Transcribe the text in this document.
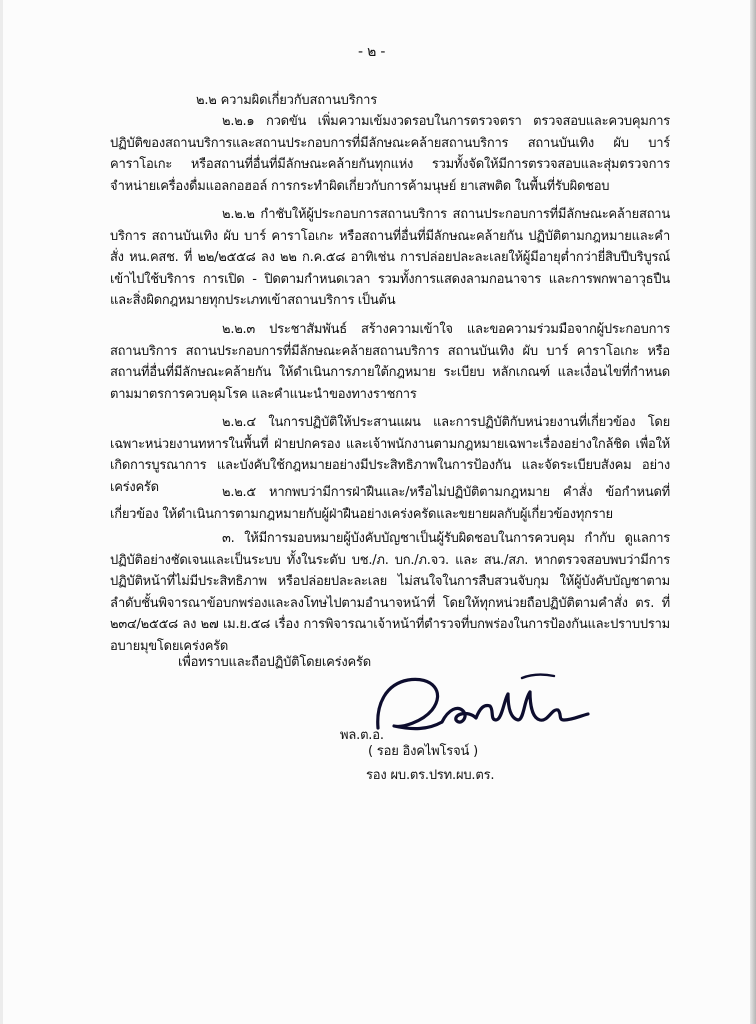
- ๒ -
๒.๒ ความผิดเกี่ยวกับสถานบริการ
๒.๒.๑ กวดขัน เพิ่มความเข้มงวดรอบในการตรวจตรา ตรวจสอบและควบคุมการปฏิบัติของสถานบริการและสถานประกอบการที่มีลักษณะคล้ายสถานบริการ สถานบันเทิง ผับ บาร์ คาราโอเกะ หรือสถานที่อื่นที่มีลักษณะคล้ายกันทุกแห่ง รวมทั้งจัดให้มีการตรวจสอบและสุ่มตรวจการจำหน่ายเครื่องดื่มแอลกอฮอล์ การกระทำผิดเกี่ยวกับการค้ามนุษย์ ยาเสพติด ในพื้นที่รับผิดชอบ
๒.๒.๒ กำชับให้ผู้ประกอบการสถานบริการ สถานประกอบการที่มีลักษณะคล้ายสถานบริการ สถานบันเทิง ผับ บาร์ คาราโอเกะ หรือสถานที่อื่นที่มีลักษณะคล้ายกัน ปฏิบัติตามกฎหมายและคำสั่ง หน.คสช. ที่ ๒๒/๒๕๕๘ ลง ๒๒ ก.ค.๕๘ อาทิเช่น การปล่อยปละละเลยให้ผู้มีอายุต่ำกว่ายี่สิบปีบริบูรณ์เข้าไปใช้บริการ การเปิด - ปิดตามกำหนดเวลา รวมทั้งการแสดงลามกอนาจาร และการพกพาอาวุธปืนและสิ่งผิดกฎหมายทุกประเภทเข้าสถานบริการ เป็นต้น
๒.๒.๓ ประชาสัมพันธ์ สร้างความเข้าใจ และขอความร่วมมือจากผู้ประกอบการสถานบริการ สถานประกอบการที่มีลักษณะคล้ายสถานบริการ สถานบันเทิง ผับ บาร์ คาราโอเกะ หรือสถานที่อื่นที่มีลักษณะคล้ายกัน ให้ดำเนินการภายใต้กฎหมาย ระเบียบ หลักเกณฑ์ และเงื่อนไขที่กำหนด ตามมาตรการควบคุมโรค และคำแนะนำของทางราชการ
๒.๒.๔ ในการปฏิบัติให้ประสานแผน และการปฏิบัติกับหน่วยงานที่เกี่ยวข้อง โดยเฉพาะหน่วยงานทหารในพื้นที่ ฝ่ายปกครอง และเจ้าพนักงานตามกฎหมายเฉพาะเรื่องอย่างใกล้ชิด เพื่อให้เกิดการบูรณาการ และบังคับใช้กฎหมายอย่างมีประสิทธิภาพในการป้องกัน และจัดระเบียบสังคม อย่างเคร่งครัด	๒.๒.๕ หากพบว่ามีการฝ่าฝืนและ/หรือไม่ปฏิบัติตามกฎหมาย คำสั่ง ข้อกำหนดที่เกี่ยวข้อง ให้ดำเนินการตามกฎหมายกับผู้ฝ่าฝืนอย่างเคร่งครัดและขยายผลกับผู้เกี่ยวข้องทุกราย
๓. ให้มีการมอบหมายผู้บังคับบัญชาเป็นผู้รับผิดชอบในการควบคุม กำกับ ดูแลการปฏิบัติอย่างชัดเจนและเป็นระบบ ทั้งในระดับ บช./ภ. บก./ภ.จว. และ สน./สภ. หากตรวจสอบพบว่ามีการปฏิบัติหน้าที่ไม่มีประสิทธิภาพ หรือปล่อยปละละเลย ไม่สนใจในการสืบสวนจับกุม ให้ผู้บังคับบัญชาตามลำดับชั้นพิจารณาข้อบกพร่องและลงโทษไปตามอำนาจหน้าที่ โดยให้ทุกหน่วยถือปฏิบัติตามคำสั่ง ตร. ที่ ๒๓๔/๒๕๕๘ ลง ๒๗ เม.ย.๕๘ เรื่อง การพิจารณาเจ้าหน้าที่ตำรวจที่บกพร่องในการป้องกันและปราบปรามอบายมุขโดยเคร่งครัด
เพื่อทราบและถือปฏิบัติโดยเคร่งครัด
พล.ต.อ.
( รอย อิงคไพโรจน์ )
รอง ผบ.ตร.ปรท.ผบ.ตร.
